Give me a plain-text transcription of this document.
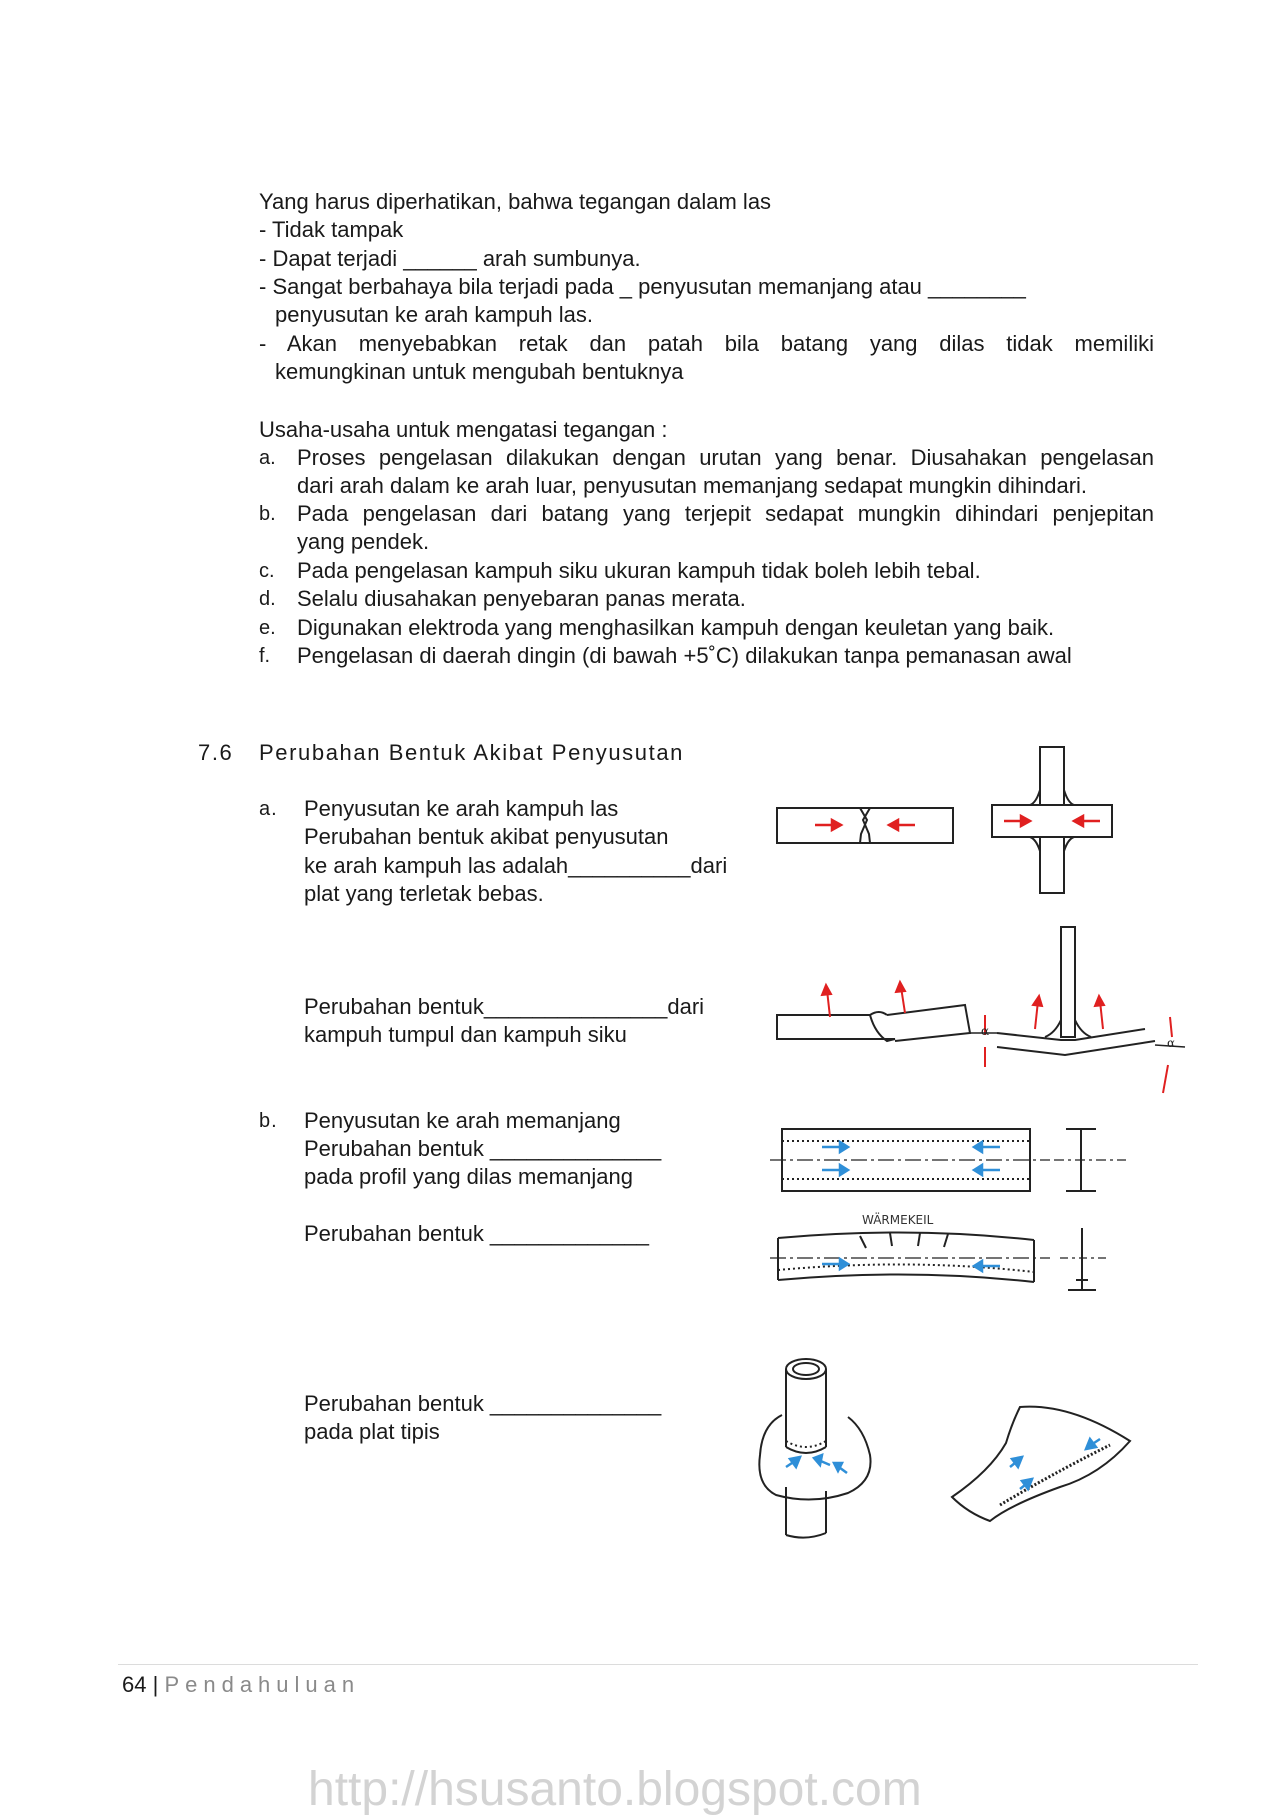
Yang harus diperhatikan, bahwa tegangan dalam las
- Tidak tampak
- Dapat terjadi ______ arah sumbunya.
- Sangat berbahaya bila terjadi pada _ penyusutan memanjang atau ________
penyusutan ke arah kampuh las.
- Akan menyebabkan retak dan patah bila batang yang dilas tidak memiliki
kemungkinan untuk mengubah bentuknya
Usaha-usaha untuk mengatasi tegangan :
a. Proses pengelasan dilakukan dengan urutan yang benar. Diusahakan pengelasan
dari arah dalam ke arah luar, penyusutan memanjang sedapat mungkin dihindari.
b. Pada pengelasan dari batang yang terjepit sedapat mungkin dihindari penjepitan
yang pendek.
c. Pada pengelasan kampuh siku ukuran kampuh tidak boleh lebih tebal.
d. Selalu diusahakan penyebaran panas merata.
e. Digunakan elektroda yang menghasilkan kampuh dengan keuletan yang baik.
f. Pengelasan di daerah dingin (di bawah +5˚C) dilakukan tanpa pemanasan awal
7.6 Perubahan Bentuk Akibat Penyusutan
a. Penyusutan ke arah kampuh las
Perubahan bentuk akibat penyusutan
ke arah kampuh las adalah__________dari
plat yang terletak bebas.
Perubahan bentuk_______________dari
kampuh tumpul dan kampuh siku
b. Penyusutan ke arah memanjang
Perubahan bentuk ______________
pada profil yang dilas memanjang
Perubahan bentuk _____________
Perubahan bentuk ______________
pada plat tipis
α
α
WÄRMEKEIL
64 | Pendahuluan
http://hsusanto.blogspot.com
